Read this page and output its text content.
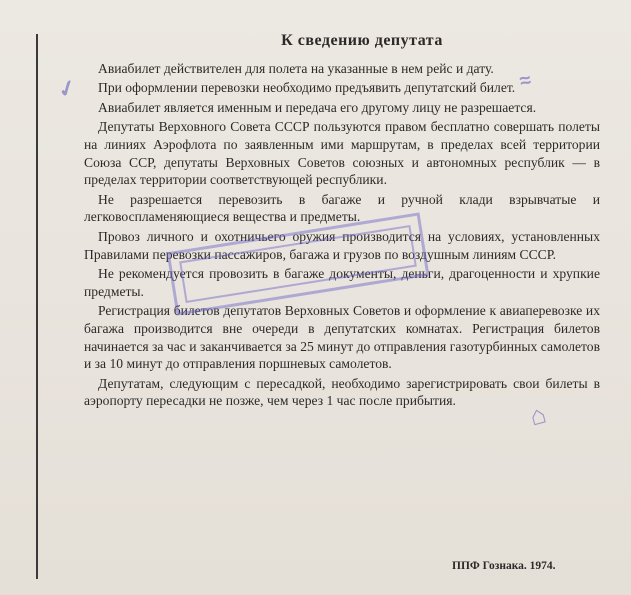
К сведению депутата

Авиабилет действителен для полета на указанные в нем рейс и дату.

При оформлении перевозки необходимо предъявить депутатский билет.

Авиабилет является именным и передача его другому лицу не разрешается.

Депутаты Верховного Совета СССР пользуются правом бесплатно совершать полеты на линиях Аэрофлота по заявленным ими маршрутам, в пределах всей территории Союза ССР, депутаты Верховных Советов союзных и автономных республик — в пределах территории соответствующей республики.

Не разрешается перевозить в багаже и ручной клади взрывчатые и легковоспламеняющиеся вещества и предметы.

Провоз личного и охотничьего оружия производится на условиях, установленных Правилами перевозки пассажиров, багажа и грузов по воздушным линиям СССР.

Не рекомендуется провозить в багаже документы, деньги, драгоценности и хрупкие предметы.

Регистрация билетов депутатов Верховных Советов и оформление к авиаперевозке их багажа производится вне очереди в депутатских комнатах. Регистрация билетов начинается за час и заканчивается за 25 минут до отправления газотурбинных самолетов и за 10 минут до отправления поршневых самолетов.

Депутатам, следующим с пересадкой, необходимо зарегистрировать свои билеты в аэропорту пересадки не позже, чем через 1 час после прибытия.

✓
⌂
≈
ППФ Гознака. 1974.
